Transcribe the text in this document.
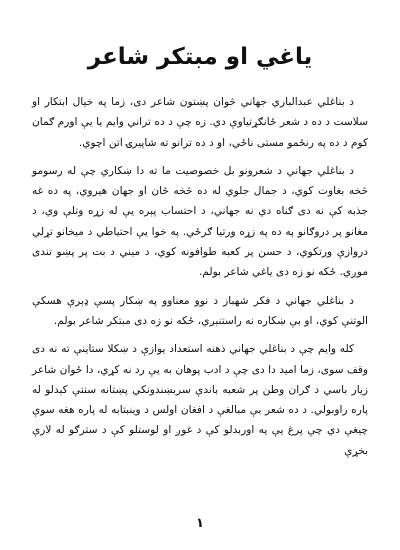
ياغي او مبتكر شاعر

د بناغلي عبدالباري جهاني څوان پښتون شاعر دی، زما په خيال ابتکار او سلاست د ده د شعر ځانګړتياوې دي. زه چې د ده تراني وايم يا يې اورم ګمان کوم د ده په رنځمو مستى ناځي، او د ده ترانو ته شاپيرۍ اتن اچوي.

د بناغلي جهاني د شعرونو بل خصوصيت ما ته دا ښکاري چې له رسومو څخه بغاوت کوي، د جمال جلوي له ده څخه ځان او جهان هيروي، په ده غه جذبه کې نه دى ګناه دي نه جهاني، د احتساب پېره يې له زړه وتلې وي، د مغانو پر دروګانو په ده په زړه ورتيا ګرځي. په خوا يې احتياطي د ميخانو تړلي دروازې ورتکوي، د حسن پر کعبه طوافونه کوي، د ميني د بت پر پښو تندی موږي. ځکه نو زه دی ياغي شاعر بولم.

د بناغلي جهاني د فکر شهباز د نوو معناوو په ښکار پسې ډېرې هسکې الوتنې کوي، او بې ښکاره نه راستنېږي، ځکه نو زه دی مبتکر شاعر بولم.

کله وايم چې د بناغلي جهاني ذهنه استعداد يوازې د ښکلا ستاينې ته نه دی وقف سوی، زما اميد دا دی چې د ادب پوهان به يې رد نه کړي، دا ځوان شاعر زيار باسي د ګران وطن پر شعبه باندې سربښندونکي پښتانه سنتې کېدلو له پاره راوبولي. د ده شعر بې مبالغې د افغان اولس د وينبتابه له پاره هغه سوې چيغې دي چې پرغ يې په اوربدلو کې د غوږ او لوستلو کې د سترګو له لارې بخړې

١
